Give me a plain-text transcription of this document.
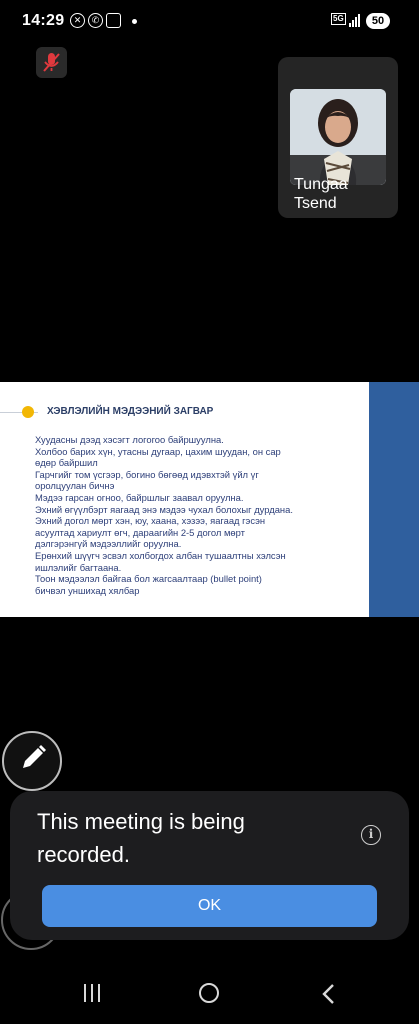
14:29	✕	✆	5G	50
Tungaa
Tsend
ХЭВЛЭЛИЙН МЭДЭЭНИЙ ЗАГВАР
Хуудасны дээд хэсэгт логогоо байршуулна.
Холбоо барих хүн, утасны дугаар, цахим шуудан, он сар
өдөр байршил
Гарчгийг том үсгээр, богино бөгөөд идэвхтэй үйл үг
оролцуулан бичнэ
Мэдээ гарсан огноо, байршлыг заавал оруулна.
Эхний өгүүлбэрт яагаад энэ мэдээ чухал болохыг дурдана.
Эхний догол мөрт хэн, юу, хаана, хэзээ, яагаад гэсэн
асуултад хариулт өгч, дараагийн 2-5 догол мөрт
дэлгэрэнгүй мэдээллийг оруулна.
Ерөнхий шүүгч эсвэл холбогдох албан тушаалтны хэлсэн
ишлэлийг багтаана.
Тоон мэдээлэл байгаа бол жагсаалтаар (bullet point)
бичвэл уншихад хялбар
This meeting is being recorded.
i
OK
